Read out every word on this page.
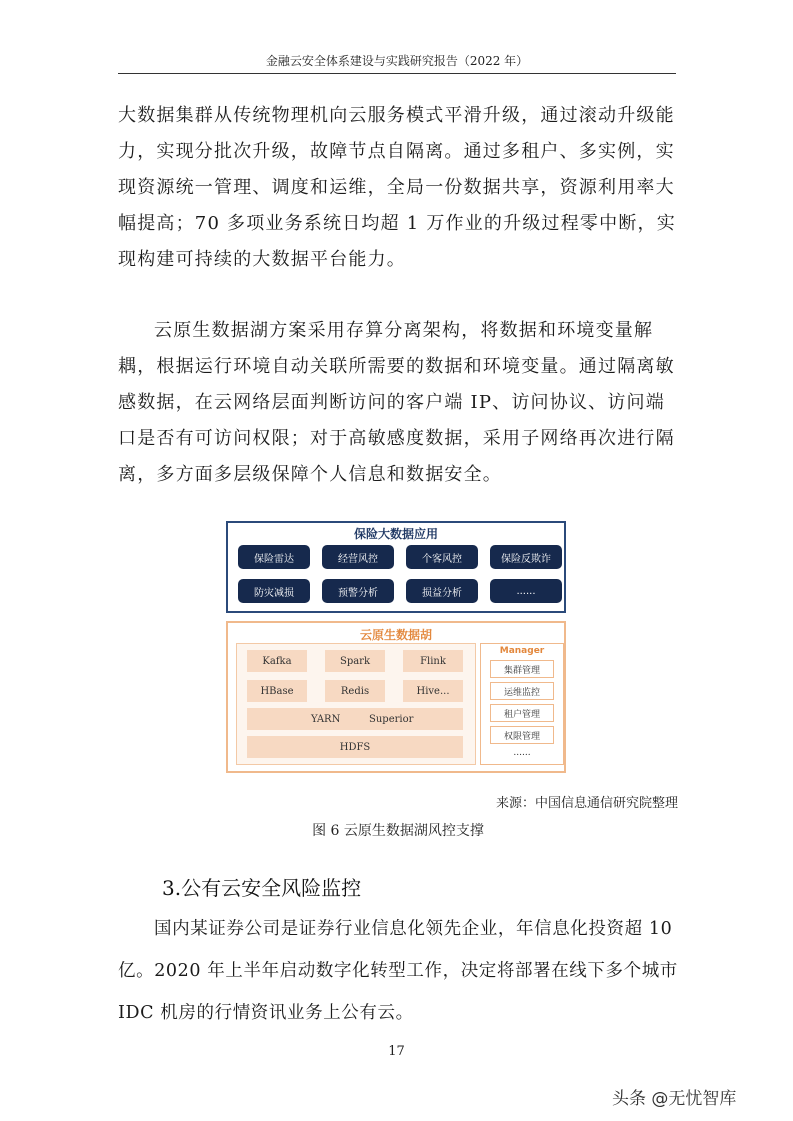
金融云安全体系建设与实践研究报告（2022 年）

大数据集群从传统物理机向云服务模式平滑升级，通过滚动升级能力，实现分批次升级，故障节点自隔离。通过多租户、多实例，实现资源统一管理、调度和运维，全局一份数据共享，资源利用率大幅提高；70 多项业务系统日均超 1 万作业的升级过程零中断，实现构建可持续的大数据平台能力。

云原生数据湖方案采用存算分离架构，将数据和环境变量解耦，根据运行环境自动关联所需要的数据和环境变量。通过隔离敏感数据，在云网络层面判断访问的客户端 IP、访问协议、访问端口是否有可访问权限；对于高敏感度数据，采用子网络再次进行隔离，多方面多层级保障个人信息和数据安全。

保险大数据应用
保险雷达	经营风控	个客风控	保险反欺诈
防灾减损	预警分析	损益分析	......
云原生数据胡
Kafka	Spark	Flink
HBase	Redis	Hive...
YARN	Superior
HDFS
Manager
集群管理
运维监控
租户管理
权限管理
......
来源：中国信息通信研究院整理
图 6 云原生数据湖风控支撑
3.公有云安全风险监控

国内某证券公司是证券行业信息化领先企业，年信息化投资超 10 亿。2020 年上半年启动数字化转型工作，决定将部署在线下多个城市 IDC 机房的行情资讯业务上公有云。

17
头条 @无忧智库
